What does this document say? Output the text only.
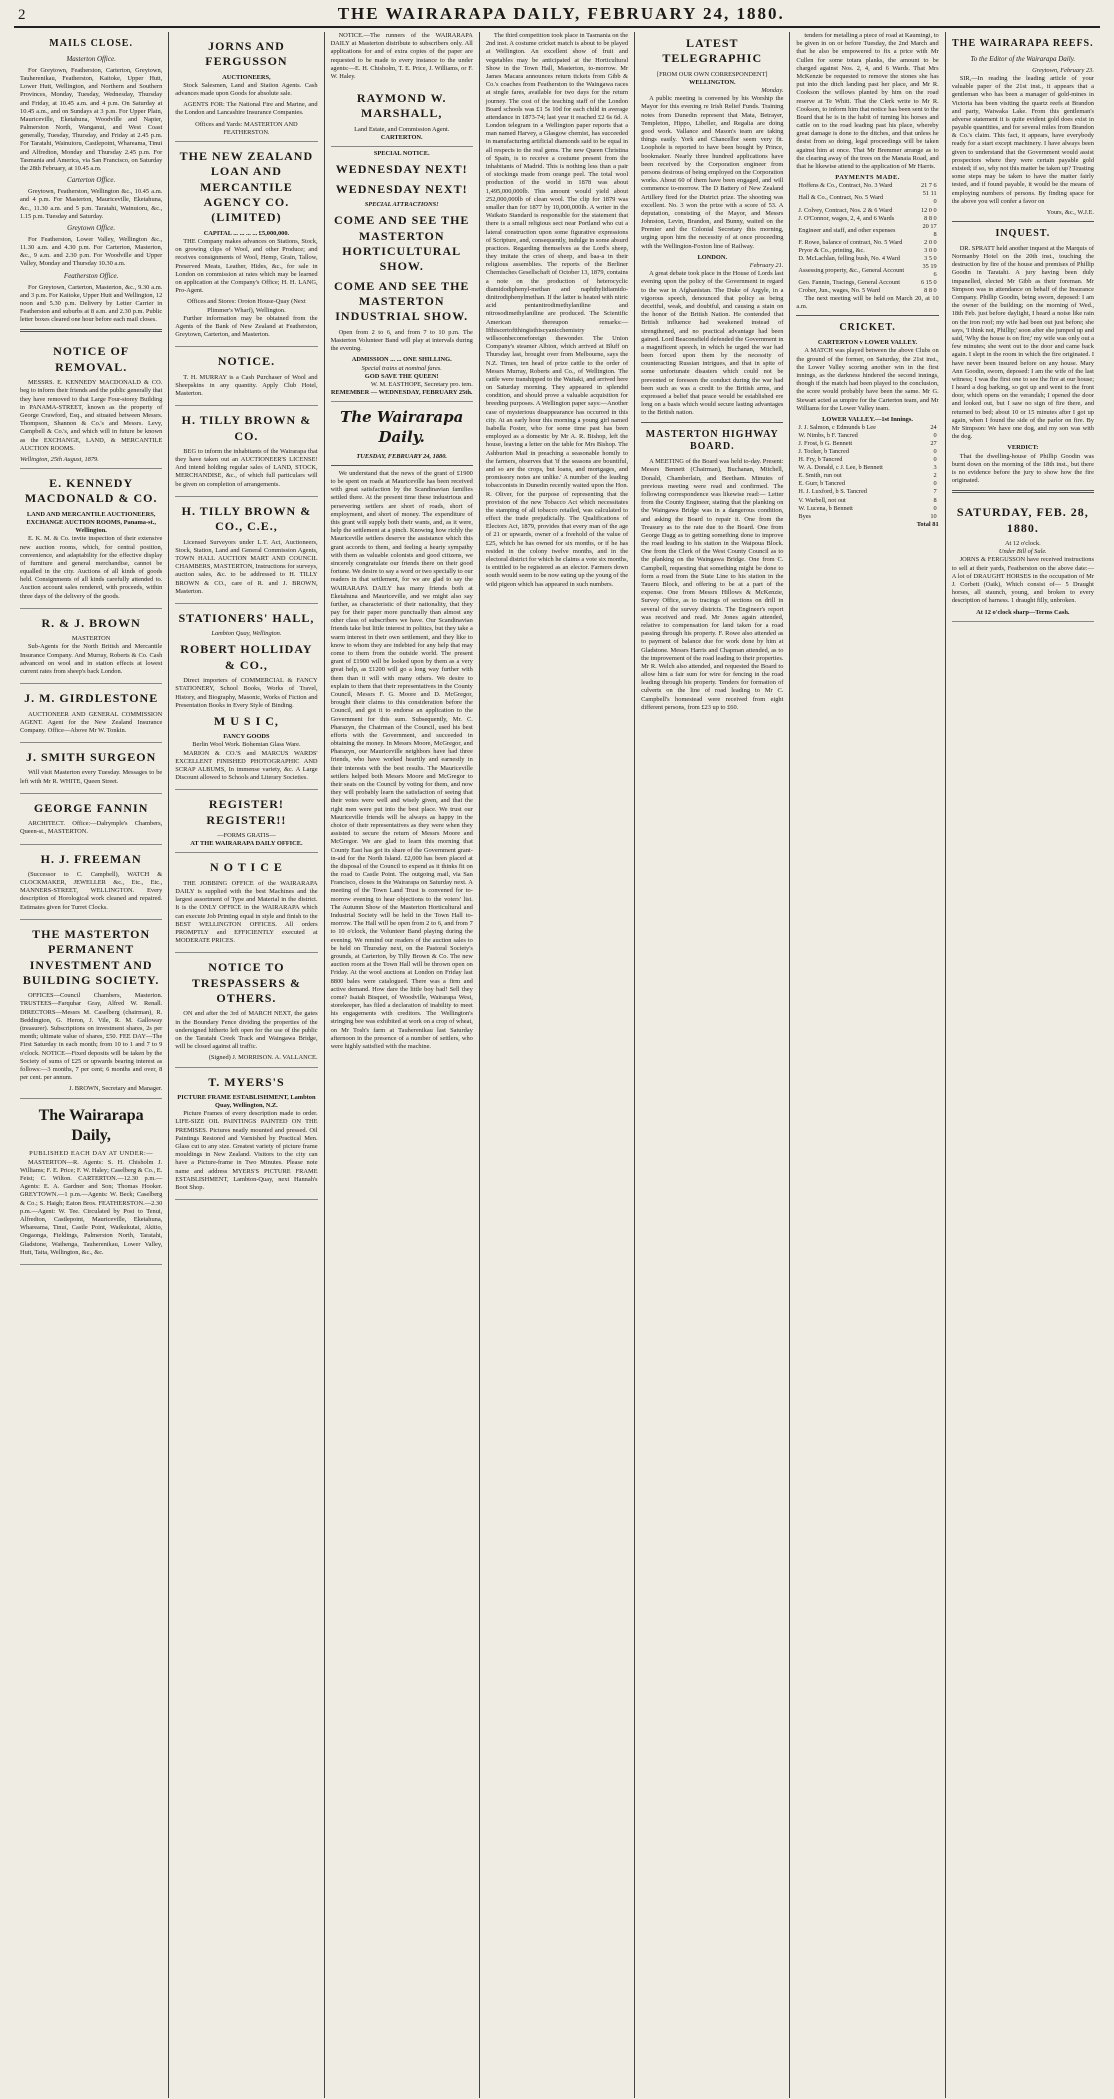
2	THE WAIRARAPA DAILY, FEBRUARY 24, 1880.
MAILS CLOSE.
Masterton Office.

For Greytown, Featherston, Carterton, Greytown, Tauherenikau, Featherston, Kaitoke, Upper Hutt, Lower Hutt, Wellington, and Northern and Southern Provinces, Monday, Tuesday, Wednesday, Thursday and Friday, at 10.45 a.m. and 4 p.m. On Saturday at 10.45 a.m., and on Sundays at 3 p.m. For Upper Plain, Mauriceville, Eketahuna, Woodville and Napier, Palmerston North, Wanganui, and West Coast generally, Tuesday, Thursday, and Friday at 2.45 p.m. For Taratahi, Wainuioru, Castlepoint, Whareama, Tinui and Alfredton, Monday and Thursday 2.45 p.m. For Tasmania and America, via San Francisco, on Saturday the 28th February, at 10.45 a.m.

Carterton Office.

Greytown, Featherston, Wellington &c., 10.45 a.m. and 4 p.m. For Masterton, Mauriceville, Eketahuna, &c., 11.30 a.m. and 5 p.m. Taratahi, Wainuioru, &c., 1.15 p.m. Tuesday and Saturday.

Greytown Office.

For Featherston, Lower Valley, Wellington &c., 11.30 a.m. and 4.30 p.m. For Carterton, Masterton, &c., 9 a.m. and 2.30 p.m. For Woodville and Upper Valley, Monday and Thursday 10.30 a.m.

Featherston Office.

For Greytown, Carterton, Masterton, &c., 9.30 a.m. and 3 p.m. For Kaitoke, Upper Hutt and Wellington, 12 noon and 5.30 p.m. Delivery by Letter Carrier in Featherston and suburbs at 8 a.m. and 2.30 p.m. Public letter boxes cleared one hour before each mail closes.

NOTICE OF REMOVAL.

MESSRS. E. KENNEDY MACDONALD & CO. beg to inform their friends and the public generally that they have removed to that Large Four-storey Building in PANAMA-STREET, known as the property of George Crawford, Esq., and situated between Messrs. Thompson, Shannon & Co.'s and Messrs. Levy, Campbell & Co.'s, and which will in future be known as the EXCHANGE, LAND, & MERCANTILE AUCTION ROOMS.

Wellington, 25th August, 1879.
E. KENNEDY MACDONALD & CO.
LAND AND MERCANTILE AUCTIONEERS, EXCHANGE AUCTION ROOMS, Panama-st., Wellington.

E. K. M. & Co. invite inspection of their extensive new auction rooms, which, for central position, convenience, and adaptability for the effective display of furniture and general merchandise, cannot be equalled in the city. Auctions of all kinds of goods held. Consignments of all kinds carefully attended to. Auction account sales rendered, with proceeds, within three days of the delivery of the goods.

R. & J. BROWN
MASTERTON

Sub-Agents for the North British and Mercantile Insurance Company. And Murray, Roberts & Co. Cash advanced on wool and in station effects at lowest current rates from sheep's back London.

J. M. GIRDLESTONE

AUCTIONEER AND GENERAL COMMISSION AGENT. Agent for the New Zealand Insurance Company. Office—Above Mr W. Tonkin.

J. SMITH SURGEON

Will visit Masterton every Tuesday. Messages to be left with Mr R. WHITE, Queen Street.

GEORGE FANNIN

ARCHITECT. Office:—Dalrymple's Chambers, Queen-st., MASTERTON.

H. J. FREEMAN

(Successor to C. Campbell), WATCH & CLOCKMAKER, JEWELLER &c., Etc., Etc., MANNERS-STREET, WELLINGTON. Every description of Horological work cleaned and repaired. Estimates given for Turret Clocks.

THE MASTERTON PERMANENT INVESTMENT AND BUILDING SOCIETY.

OFFICES—Council Chambers, Masterton. TRUSTEES—Farquhar Gray, Alfred W. Renall. DIRECTORS—Messrs M. Caselberg (chairman), R. Beddington, G. Heron, J. Vile, R. M. Galloway (treasurer). Subscriptions on investment shares, 2s per month; ultimate value of shares, £50. FEE DAY—The First Saturday in each month; from 10 to 1 and 7 to 9 o'clock. NOTICE—Fixed deposits will be taken by the Society of sums of £25 or upwards bearing interest as follows:—3 months, 7 per cent; 6 months and over, 8 per cent. per annum.

J. BROWN, Secretary and Manager.
The Wairarapa Daily,
PUBLISHED EACH DAY AT UNDER:—

MASTERTON—R. Agents: S. H. Chisholm J. Williams; F. E. Price; F. W. Haley; Caselberg & Co., E. Feist; C. Wilton. CARTERTON.—12.30 p.m.—Agents: E. A. Gardner and Son; Thomas Hooker. GREYTOWN.—1 p.m.—Agents: W. Beck; Caselberg & Co.; S. Haigh; Eaton Bros. FEATHERSTON.—2.30 p.m.—Agent: W. Tee. Circulated by Post to Tenui, Alfredton, Castlepoint, Mauriceville, Eketahuna, Whareama, Tinui, Castle Point, Waikukutai, Akitio, Ongaonga, Fieldings, Palmerston North, Taratahi, Gladstone, Waihenga, Tauherenikau, Lower Valley, Hutt, Taita, Wellington, &c., &c.

JORNS AND FERGUSSON
AUCTIONEERS,

Stock Salesmen, Land and Station Agents. Cash advances made upon Goods for absolute sale.

AGENTS FOR: The National Fire and Marine, and the London and Lancashire Insurance Companies.

Offices and Yards: MASTERTON AND FEATHERSTON.
THE NEW ZEALAND LOAN AND MERCANTILE AGENCY CO. (LIMITED)
CAPITAL ... ... ... ... £5,000,000.

THE Company makes advances on Stations, Stock, on growing clips of Wool, and other Produce; and receives consignments of Wool, Hemp, Grain, Tallow, Preserved Meats, Leather, Hides, &c., for sale in London on commission at rates which may be learned on application at the Company's Office; H. H. LANG, Pro-Agent.

Offices and Stores: Oroton House-Quay (Next Plimmer's Wharf), Wellington.

Further information may be obtained from the Agents of the Bank of New Zealand at Featherston, Greytown, Carterton, and Masterton.

NOTICE.

T. H. MURRAY is a Cash Purchaser of Wool and Sheepskins in any quantity. Apply Club Hotel, Masterton.

H. TILLY BROWN & CO.

BEG to inform the inhabitants of the Wairarapa that they have taken out an AUCTIONEER'S LICENSE! And intend holding regular sales of LAND, STOCK, MERCHANDISE, &c., of which full particulars will be given on completion of arrangements.

H. TILLY BROWN & CO., C.E.,

Licensed Surveyors under L.T. Act, Auctioneers, Stock, Station, Land and General Commission Agents, TOWN HALL AUCTION MART AND COUNCIL CHAMBERS, MASTERTON, Instructions for surveys, auction sales, &c. to be addressed to H. TILLY BROWN & CO., care of R. and J. BROWN, Masterton.

STATIONERS' HALL,
Lambton Quay, Wellington.
ROBERT HOLLIDAY & CO.,

Direct importers of COMMERCIAL & FANCY STATIONERY, School Books, Works of Travel, History, and Biography, Masonic, Works of Fiction and Presentation Books in Every Style of Binding.

M U S I C,
FANCY GOODS
Berlin Wool Work. Bohemian Glass Ware.

MARION & CO.'S and MARCUS WARDS' EXCELLENT FINISHED PHOTOGRAPHIC AND SCRAP ALBUMS, In immense variety, &c. A Large Discount allowed to Schools and Literary Societies.

REGISTER! REGISTER!!
—FORMS GRATIS—
AT THE WAIRARAPA DAILY OFFICE.
N O T I C E

THE JOBBING OFFICE of the WAIRARAPA DAILY is supplied with the best Machines and the largest assortment of Type and Material in the district. It is the ONLY OFFICE in the WAIRARAPA which can execute Job Printing equal in style and finish to the BEST WELLINGTON OFFICES. All orders PROMPTLY and EFFICIENTLY executed at MODERATE PRICES.

NOTICE TO TRESPASSERS & OTHERS.

ON and after the 3rd of MARCH NEXT, the gates in the Boundary Fence dividing the properties of the undersigned hitherto left open for the use of the public on the Taratahi Creek Track and Waingawa Bridge, will be closed against all traffic.

(Signed) J. MORRISON. A. VALLANCE.
T. MYERS'S
PICTURE FRAME ESTABLISHMENT, Lambton Quay, Wellington, N.Z.

Picture Frames of every description made to order. LIFE-SIZE OIL PAINTINGS PAINTED ON THE PREMISES. Pictures neatly mounted and pressed. Oil Paintings Restored and Varnished by Practical Men. Glass cut to any size. Greatest variety of picture frame mouldings in New Zealand. Visitors to the city can have a Picture-frame in Two Minutes. Please note name and address MYERS'S PICTURE FRAME ESTABLISHMENT, Lambton-Quay, next Hannah's Boot Shop.

NOTICE.—The runners of the WAIRARAPA DAILY at Masterton distribute to subscribers only. All applications for and of extra copies of the paper are requested to be made to every instance to the under agents:—E. H. Chisholm, T. E. Price, J. Williams, or F. W. Haley.

RAYMOND W. MARSHALL,
Land Estate, and Commission Agent.
CARTERTON.
SPECIAL NOTICE.
WEDNESDAY NEXT!
WEDNESDAY NEXT!
SPECIAL ATTRACTIONS!
COME AND SEE THE MASTERTON HORTICULTURAL SHOW.
COME AND SEE THE MASTERTON INDUSTRIAL SHOW.

Open from 2 to 6, and from 7 to 10 p.m. The Masterton Volunteer Band will play at intervals during the evening.

ADMISSION ... ... ONE SHILLING.
Special trains at nominal fares.
GOD SAVE THE QUEEN!
W. M. EASTHOPE, Secretary pro. tem.
REMEMBER — WEDNESDAY, FEBRUARY 25th.
The Wairarapa Daily.
TUESDAY, FEBRUARY 24, 1880.

We understand that the news of the grant of £1900 to be spent on roads at Mauriceville has been received with great satisfaction by the Scandinavian families settled there. At the present time these industrious and persevering settlers are short of roads, short of employment, and short of money. The expenditure of this grant will supply both their wants, and, as it were, help the settlement at a pinch. Knowing how richly the Mauriceville settlers deserve the assistance which this grant accords to them, and feeling a hearty sympathy with them as valuable colonists and good citizens, we sincerely congratulate our friends there on their good fortune. We desire to say a word or two specially to our readers in that settlement, for we are glad to say the WAIRARAPA DAILY has many friends both at Eketahuna and Mauriceville, and we might also say further, as characteristic of their nationality, that they pay for their paper more punctually than almost any other class of subscribers we have. Our Scandinavian friends take but little interest in politics, but they take a warm interest in their own settlement, and they like to know to whom they are indebted for any help that may come to them from the outside world. The present grant of £1900 will be looked upon by them as a very great help, as £1200 will go a long way further with them than it will with many others. We desire to explain to them that their representatives in the County Council, Messrs F. G. Moore and D. McGregor, brought their claims to this consideration before the Council, and got it to endorse an application to the Government for this sum. Subsequently, Mr. C. Pharazyn, the Chairman of the Council, used his best efforts with the Government, and succeeded in obtaining the money. In Messrs Moore, McGregor, and Pharazyn, our Mauriceville neighbors have had three friends, who have worked heartily and earnestly in their interests with the best results. The Mauriceville settlers helped both Messrs Moore and McGregor to their seats on the Council by voting for them, and now they will probably learn the satisfaction of seeing that their votes were well and wisely given, and that the right men were put into the best place. We trust our Mauriceville friends will be always as happy in the choice of their representatives as they were when they assisted to secure the return of Messrs Moore and McGregor. We are glad to learn this morning that County East has got its share of the Government grant-in-aid for the North Island. £2,000 has been placed at the disposal of the Council to expend as it thinks fit on the road to Castle Point. The outgoing mail, via San Francisco, closes in the Wairarapa on Saturday next. A meeting of the Town Land Trust is convened for to-morrow evening to hear objections to the voters' list. The Autumn Show of the Masterton Horticultural and Industrial Society will be held in the Town Hall to-morrow. The Hall will be open from 2 to 6, and from 7 to 10 o'clock, the Volunteer Band playing during the evening. We remind our readers of the auction sales to be held on Thursday next, on the Pastoral Society's grounds, at Carterton, by Tilly Brown & Co. The new auction room at the Town Hall will be thrown open on Friday. At the wool auctions at London on Friday last 8800 bales were catalogued. There was a firm and active demand. How dare the little boy bad! Sell they come? Isaiah Bisquet, of Woodville, Wairarapa West, storekeeper, has filed a declaration of inability to meet his engagements with creditors. The Wellington's stringing bee was exhibited at work on a crop of wheat, on Mr Tosh's farm at Tauherenikau last Saturday afternoon in the presence of a number of settlers, who were highly satisfied with the machine.

The third competition took place in Tasmania on the 2nd inst. A costume cricket match is about to be played at Wellington. An excellent show of fruit and vegetables may be anticipated at the Horticultural Show in the Town Hall, Masterton, to-morrow. Mr James Macara announces return tickets from Gibb & Co.'s coaches from Featherston to the Waingawa races at single fares, available for two days for the return journey. The cost of the teaching staff of the London Board schools was £1 5s 10d for each child in average attendance in 1873-74; last year it reached £2 6s 6d. A London telegram in a Wellington paper reports that a man named Harvey, a Glasgow chemist, has succeeded in manufacturing artificial diamonds said to be equal in all respects to the real gems. The new Queen Christina of Spain, is to receive a costume present from the inhabitants of Madrid. This is nothing less than a pair of stockings made from orange peel. The total wool production of the world in 1878 was about 1,495,000,000lb. This amount would yield about 252,000,000lb of clean wool. The clip for 1879 was smaller than for 1877 by 10,000,000lb. A writer in the Waikato Standard is responsible for the statement that there is a small religious sect near Portland who cut a lateral construction upon some figurative expressions of Scripture, and, consequently, indulge in some absurd practices. Regarding themselves as the Lord's sheep, they imitate the cries of sheep, and baa-a in their religious assemblies. The reports of the Berliner Chemisches Gesellschaft of October 13, 1879, contains a note on the production of heterocyclic diamidodiphenyl-methan and naphthylidiamido-dinitrodiphenylmethan. If the latter is heated with nitric acid pentanitrodimethylaniline and nitrosodimethylaniline are produced. The Scientific American thereupon remarks:—Ifthiscertoftthingisthiscyanicchemistry willsoonbecomeforeign thewonder. The Union Company's steamer Albion, which arrived at Bluff on Thursday last, brought over from Melbourne, says the N.Z. Times, ten head of prize cattle to the order of Messrs Murray, Roberts and Co., of Wellington. The cattle were transhipped to the Waitaki, and arrived here on Saturday morning. They appeared in splendid condition, and should prove a valuable acquisition for breeding purposes. A Wellington paper says:—Another case of mysterious disappearance has occurred in this city. At an early hour this morning a young girl named Isabella Foster, who for some time past has been employed as a domestic by Mr A. R. Bishop, left the house, leaving a letter on the table for Mrs Bishop. The Ashburton Mail in preaching a seasonable homily to the farmers, observes that 'if the seasons are bountiful, and so are the crops, but loans, and mortgages, and promissory notes are unlike.' A number of the leading tobacconists in Dunedin recently waited upon the Hon. R. Oliver, for the purpose of representing that the provision of the new Tobacco Act which necessitates the stamping of all tobacco retailed, was calculated to effect the trade prejudicially. The Qualifications of Electors Act, 1879, provides that every man of the age of 21 or upwards, owner of a freehold of the value of £25, which he has owned for six months, or if he has resided in the colony twelve months, and in the electoral district for which he claims a vote six months, is entitled to be registered as an elector. Farmers down south would seem to be now eating up the young of the wild pigeon which has appeared in such numbers.

LATEST TELEGRAPHIC
[FROM OUR OWN CORRESPONDENT]
WELLINGTON.
Monday.

A public meeting is convened by his Worship the Mayor for this evening re Irish Relief Funds. Training notes from Dunedin represent that Mata, Betrayer, Templeton, Hippo, Libeller, and Regalia are doing good work. Vallance and Mason's team are taking things easily. York and Chancellor seem very fit. Loophole is reported to have been bought by Prince, bookmaker. Nearly three hundred applications have been received by the Corporation engineer from persons desirous of being employed on the Corporation works. About 60 of them have been engaged, and will commence to-morrow. The D Battery of New Zealand Artillery fired for the District prize. The shooting was excellent. No. 3 won the prize with a score of 53. A deputation, consisting of the Mayor, and Messrs Johnston, Levin, Brandon, and Bunny, waited on the Premier and the Colonial Secretary this morning, urging upon him the necessity of at once proceeding with the Wellington-Foxton line of Railway.

LONDON.
February 21.

A great debate took place in the House of Lords last evening upon the policy of the Government in regard to the war in Afghanistan. The Duke of Argyle, in a vigorous speech, denounced that policy as being deceitful, weak, and doubtful, and causing a stain on the honor of the British Nation. He contended that British influence had weakened instead of strengthened, and no practical advantage had been gained. Lord Beaconsfield defended the Government in a magnificent speech, in which he urged the war had been forced upon them by the necessity of counteracting Russian intrigues, and that in spite of some unfortunate disasters which could not be prevented or foreseen the conduct during the war had been such as was a credit to the British arms, and expressed a belief that peace would be established ere long on a basis which would secure lasting advantages to the British nation.

MASTERTON HIGHWAY BOARD.

A MEETING of the Board was held to-day. Present: Messrs Bennett (Chairman), Buchanan, Mitchell, Donald, Chamberlain, and Beetham. Minutes of previous meeting were read and confirmed. The following correspondence was likewise read:— Letter from the County Engineer, stating that the planking on the Waingawa Bridge was in a dangerous condition, and asking the Board to repair it. One from the Treasury as to the rate due to the Board. One from George Dagg as to getting something done to improve the road leading to his station in the Waipoua Block. One from the Clerk of the West County Council as to the planking on the Waingawa Bridge. One from C. Campbell, requesting that something might be done to form a road from the State Line to his station in the Taueru Block, and offering to be at a part of the expense. One from Messrs Hillows & McKenzie, Survey Office, as to tracings of sections on drill in several of the survey districts. The Engineer's report was received and read. Mr Jones again attended, relative to compensation for land taken for a road passing through his property. F. Rowe also attended as to payment of balance due for work done by him at Gladstone. Messrs Harris and Chapman attended, as to the improvement of the road leading to their properties. Mr R. Welch also attended, and requested the Board to allow him a fair sum for wire for fencing in the road leading through his property. Tenders for formation of culverts on the line of road leading to Mr C. Campbell's homestead were received from eight different persons, from £23 up to £60.

tenders for metalling a piece of road at Kaumingi, to be given in on or before Tuesday, the 2nd March and that he also be empowered to fix a price with Mr Cullen for some totara planks, the amount to be charged against Nos. 2, 4, and 6 Wards. That Mrs McKenzie be requested to remove the stones she has put into the ditch landing past her place, and Mr R. Cookson the willows planted by him on the road reserve at Te Whiti. That the Clerk write to Mr R. Cookson, to inform him that notice has been sent to the Board that he is in the habit of turning his horses and cattle on to the road leading past his place, whereby great damage is done to the ditches, and that unless he desist from so doing, legal proceedings will be taken against him at once. That Mr Bremmer arrange as to the clearing away of the trees on the Manaia Road, and that he likewise attend to the application of Mr Harris.

PAYMENTS MADE.
Hoffens & Co., Contract, No. 3 Ward	21 7 6
Hall & Co., Contract, No. 5 Ward	51 11 0
J. Colvey, Contract, Nos. 2 & 6 Ward	12 0 0
J. O'Connor, wages, 2, 4, and 6 Wards	8 8 0
Engineer and staff, and other expenses	20 17 8
F. Rowe, balance of contract, No. 5 Ward	2 0 0
Pryor & Co., printing, &c.	3 0 0
D. McLachlan, felling bush, No. 4 Ward	3 5 0
Assessing property, &c., General Account	35 19 6
Geo. Fannin, Tracings, General Account	6 15 0
Crober, Jun., wages, No. 5 Ward	8 8 0

The next meeting will be held on March 20, at 10 a.m.

CRICKET.
CARTERTON v LOWER VALLEY.

A MATCH was played between the above Clubs on the ground of the former, on Saturday, the 21st inst., the Lower Valley scoring another win in the first innings, as the darkness hindered the second innings, though if the match had been played to the conclusion, the score would probably have been the same. Mr G. Stewart acted as umpire for the Carterton team, and Mr Williams for the Lower Valley team.

LOWER VALLEY.—1st Innings.
J. J. Salmon, c Edmunds b Lee	24
W. Nimbs, b F. Tancred	0
J. Frost, b G. Bennett	27
J. Tocker, b Tancred	0
H. Fry, b Tancred	0
W. A. Donald, c J. Lee, b Bennett	3
E. Smith, run out	2
E. Gurr, b Tancred	0
H. J. Luxford, b S. Tancred	7
V. Warbell, not out	8
W. Lucena, b Bennett	0
Byes	10
Total 81
THE WAIRARAPA REEFS.
To the Editor of the Wairarapa Daily.
Greytown, February 23.

SIR,—In reading the leading article of your valuable paper of the 21st inst., it appears that a gentleman who has been a manager of gold-mines in Victoria has been visiting the quartz reefs at Brandon and party, Waiwaka Lake. From this gentleman's adverse statement it is quite evident gold does exist in payable quantities, and for several miles from Brandon & Co.'s claim. This fact, it appears, have everybody ready for a start except machinery. I have always been given to understand that the Government would assist prospectors where they were certain payable gold existed; if so, why not this matter be taken up? Trusting some steps may be taken to have the matter fairly tested, and if found payable, it would be the means of employing numbers of persons. By finding space for the above you will confer a favor on

Yours, &c., W.J.E.
INQUEST.

DR. SPRATT held another inquest at the Marquis of Normanby Hotel on the 20th inst., touching the destruction by fire of the house and premises of Phillip Goodin in Taratahi. A jury having been duly impanelled, elected Mr Gibb as their foreman. Mr Simpson was in attendance on behalf of the Insurance Company. Phillip Goodin, being sworn, deposed: I am the owner of the building; on the morning of Wed., 18th Feb. just before daylight, I heard a noise like rain on the iron roof; my wife had been out just before; she says, 'I think not, Phillip;' soon after she jumped up and said, 'Why the house is on fire;' my wife was only out a few minutes; she went out to the door and came back again. I slept in the room in which the fire originated. I have never been insured before on any house. Mary Ann Goodin, sworn, deposed: I am the wife of the last witness; I was the first one to see the fire at our house; I heard a dog barking, so got up and went to the front door, which opens on the verandah; I opened the door and looked out, but I saw no sign of fire there, and returned to bed; about 10 or 15 minutes after I got up again, when I found the side of the parlor on fire. By Mr Simpson: We have one dog, and my son was with the dog.

VERDICT:

That the dwelling-house of Phillip Goodin was burnt down on the morning of the 18th inst., but there is no evidence before the jury to show how the fire originated.

SATURDAY, FEB. 28, 1880.
At 12 o'clock.
Under Bill of Sale.

JORNS & FERGUSSON have received instructions to sell at their yards, Featherston on the above date:— A lot of DRAUGHT HORSES in the occupation of Mr J. Corbett (Oaik), Which consist of— 5 Draught horses, all staunch, young, and broken to every description of harness. 1 draught filly, unbroken.

At 12 o'clock sharp—Terms Cash.
